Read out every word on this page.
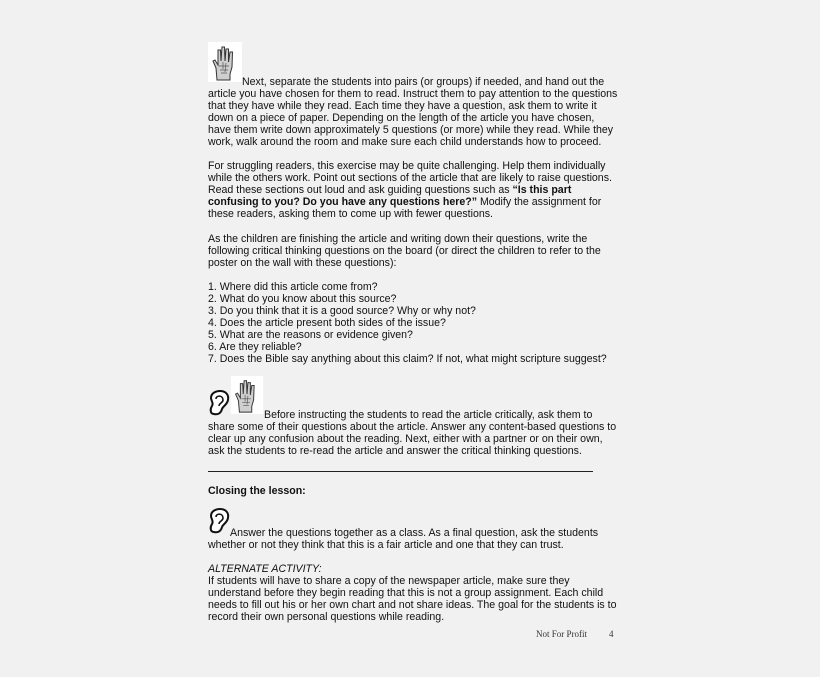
Next, separate the students into pairs (or groups) if needed, and hand out the
article you have chosen for them to read. Instruct them to pay attention to the questions
that they have while they read. Each time they have a question, ask them to write it
down on a piece of paper. Depending on the length of the article you have chosen,
have them write down approximately 5 questions (or more) while they read. While they
work, walk around the room and make sure each child understands how to proceed.
For struggling readers, this exercise may be quite challenging. Help them individually
while the others work. Point out sections of the article that are likely to raise questions.
Read these sections out loud and ask guiding questions such as “Is this part
confusing to you? Do you have any questions here?” Modify the assignment for
these readers, asking them to come up with fewer questions.
As the children are finishing the article and writing down their questions, write the
following critical thinking questions on the board (or direct the children to refer to the
poster on the wall with these questions):
1. Where did this article come from?
2. What do you know about this source?
3. Do you think that it is a good source? Why or why not?
4. Does the article present both sides of the issue?
5. What are the reasons or evidence given?
6. Are they reliable?
7. Does the Bible say anything about this claim? If not, what might scripture suggest?
Before instructing the students to read the article critically, ask them to
share some of their questions about the article. Answer any content-based questions to
clear up any confusion about the reading. Next, either with a partner or on their own,
ask the students to re-read the article and answer the critical thinking questions.
Closing the lesson:
Answer the questions together as a class. As a final question, ask the students
whether or not they think that this is a fair article and one that they can trust.
ALTERNATE ACTIVITY:
If students will have to share a copy of the newspaper article, make sure they
understand before they begin reading that this is not a group assignment. Each child
needs to fill out his or her own chart and not share ideas. The goal for the students is to
record their own personal questions while reading.
Not For Profit 4
